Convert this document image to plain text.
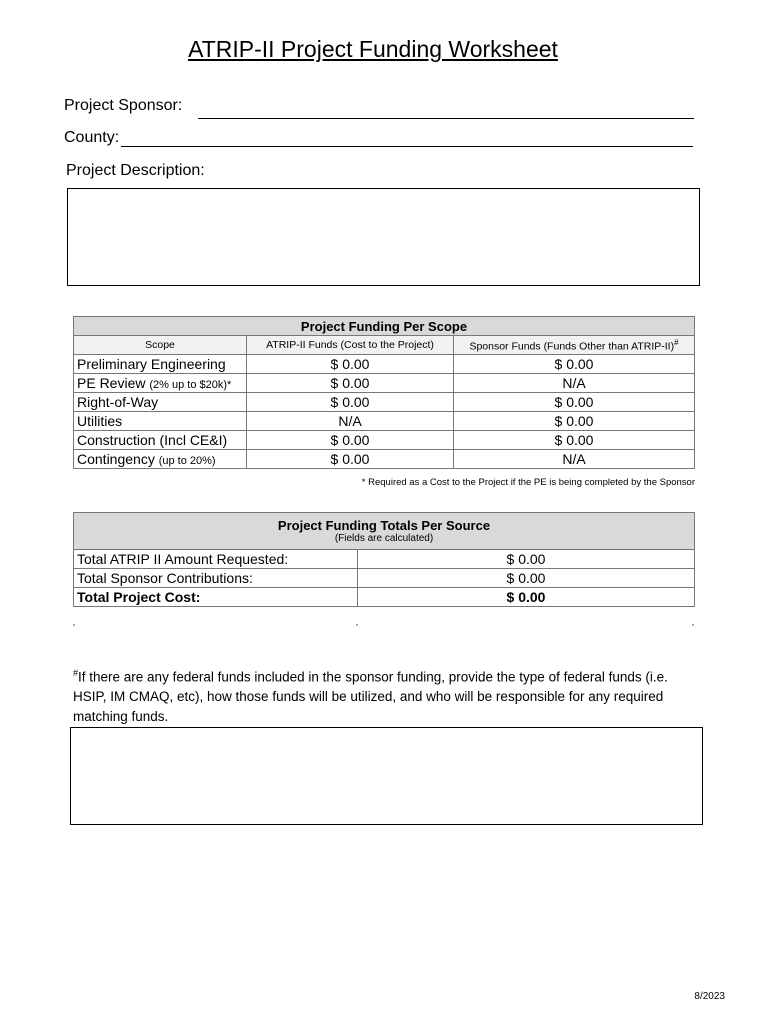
ATRIP-II Project Funding Worksheet
Project Sponsor:
County:
Project Description:
Project Funding Per Scope		
Scope	ATRIP-II Funds (Cost to the Project)	Sponsor Funds (Funds Other than ATRIP-II)#
Preliminary Engineering	$ 0.00	$ 0.00
PE Review (2% up to $20k)*	$ 0.00	N/A
Right-of-Way	$ 0.00	$ 0.00
Utilities	N/A	$ 0.00
Construction (Incl CE&I)	$ 0.00	$ 0.00
Contingency (up to 20%)	$ 0.00	N/A
* Required as a Cost to the Project if the PE is being completed by the Sponsor
Project Funding Totals Per Source
(Fields are calculated)	

Total ATRIP II Amount Requested:	$ 0.00
Total Sponsor Contributions:	$ 0.00
Total Project Cost:	$ 0.00
#If there are any federal funds included in the sponsor funding, provide the type of federal funds (i.e. HSIP, IM CMAQ, etc), how those funds will be utilized, and who will be responsible for any required matching funds.
8/2023
